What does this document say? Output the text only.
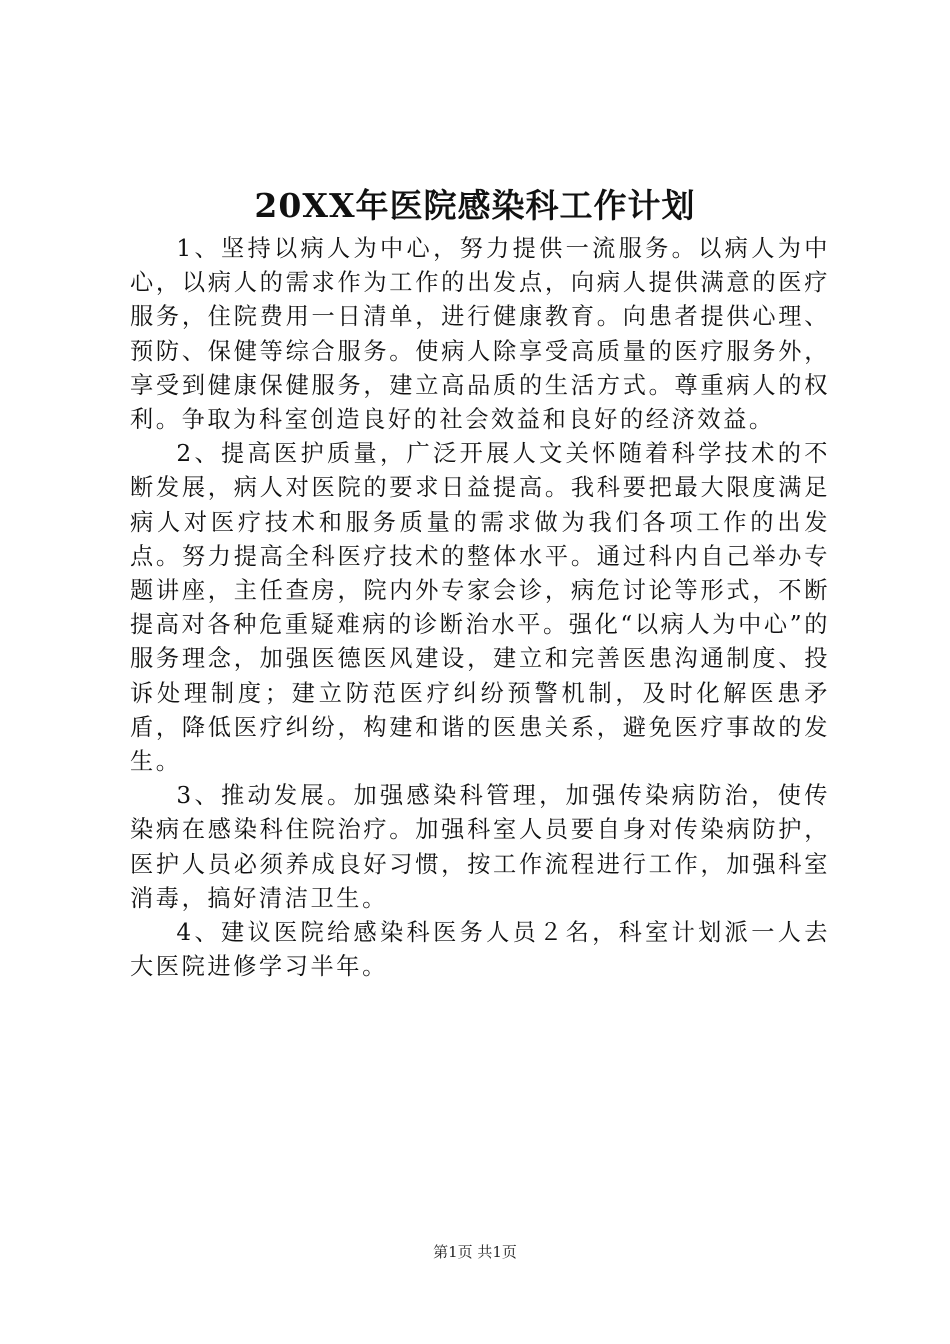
20XX年医院感染科工作计划

1、坚持以病人为中心，努力提供一流服务。以病人为中心，以病人的需求作为工作的出发点，向病人提供满意的医疗服务，住院费用一日清单，进行健康教育。向患者提供心理、预防、保健等综合服务。使病人除享受高质量的医疗服务外，享受到健康保健服务，建立高品质的生活方式。尊重病人的权利。争取为科室创造良好的社会效益和良好的经济效益。

2、提高医护质量，广泛开展人文关怀随着科学技术的不断发展，病人对医院的要求日益提高。我科要把最大限度满足病人对医疗技术和服务质量的需求做为我们各项工作的出发点。努力提高全科医疗技术的整体水平。通过科内自己举办专题讲座，主任查房，院内外专家会诊，病危讨论等形式，不断提高对各种危重疑难病的诊断治水平。强化“以病人为中心”的服务理念，加强医德医风建设，建立和完善医患沟通制度、投诉处理制度；建立防范医疗纠纷预警机制，及时化解医患矛盾，降低医疗纠纷，构建和谐的医患关系，避免医疗事故的发生。

3、推动发展。加强感染科管理，加强传染病防治，使传染病在感染科住院治疗。加强科室人员要自身对传染病防护，医护人员必须养成良好习惯，按工作流程进行工作，加强科室消毒，搞好清洁卫生。

4、建议医院给感染科医务人员２名，科室计划派一人去大医院进修学习半年。

第1页 共1页
